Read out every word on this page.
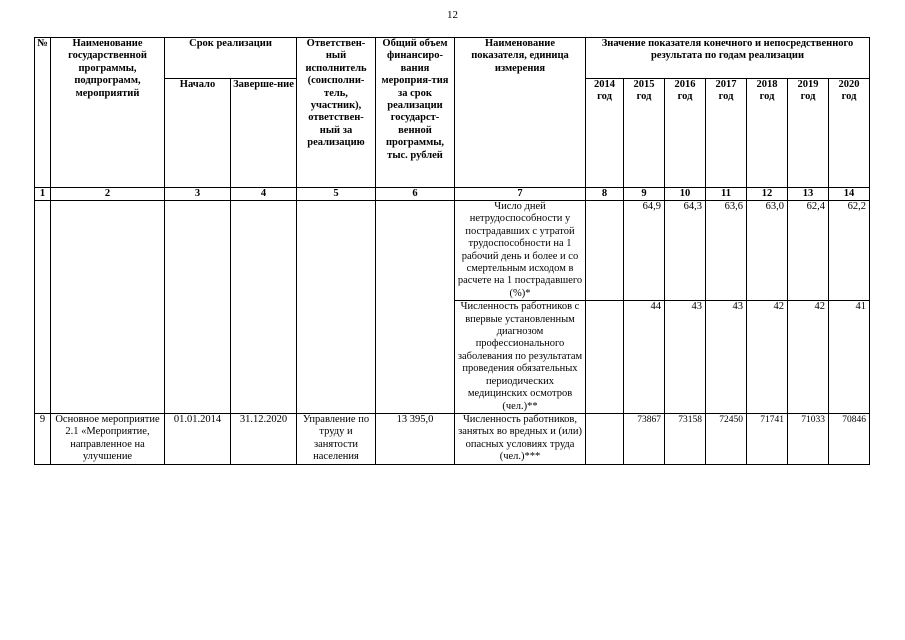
12
№	Наименование государственной программы, подпрограмм, мероприятий	Срок реализации		Ответствен-ный исполнитель (соисполни-тель, участник), ответствен-ный за реализацию	Общий объем финансиро-вания мероприя-тия за срок реализации государст-венной программы, тыс. рублей	Наименование показателя, единица измерения	Значение показателя конечного и непосредственного результата по годам реализации						
		Начало	Заверше-ние				2014 год	2015 год	2016 год	2017 год	2018 год	2019 год	2020 год
1	2	3	4	5	6	7	8	9	10	11	12	13	14
						Число дней нетрудоспособности у пострадавших с утратой трудоспособности на 1 рабочий день и более и со смертельным исходом в расчете на 1 пострадавшего (%)*		64,9	64,3	63,6	63,0	62,4	62,2
						Численность работников с впервые установленным диагнозом профессионального заболевания по результатам проведения обязательных периодических медицинских осмотров (чел.)**		44	43	43	42	42	41
9	Основное мероприятие 2.1 «Мероприятие, направленное на улучшение	01.01.2014	31.12.2020	Управление по труду и занятости населения	13 395,0	Численность работников, занятых во вредных и (или) опасных условиях труда (чел.)***		73867	73158	72450	71741	71033	70846
